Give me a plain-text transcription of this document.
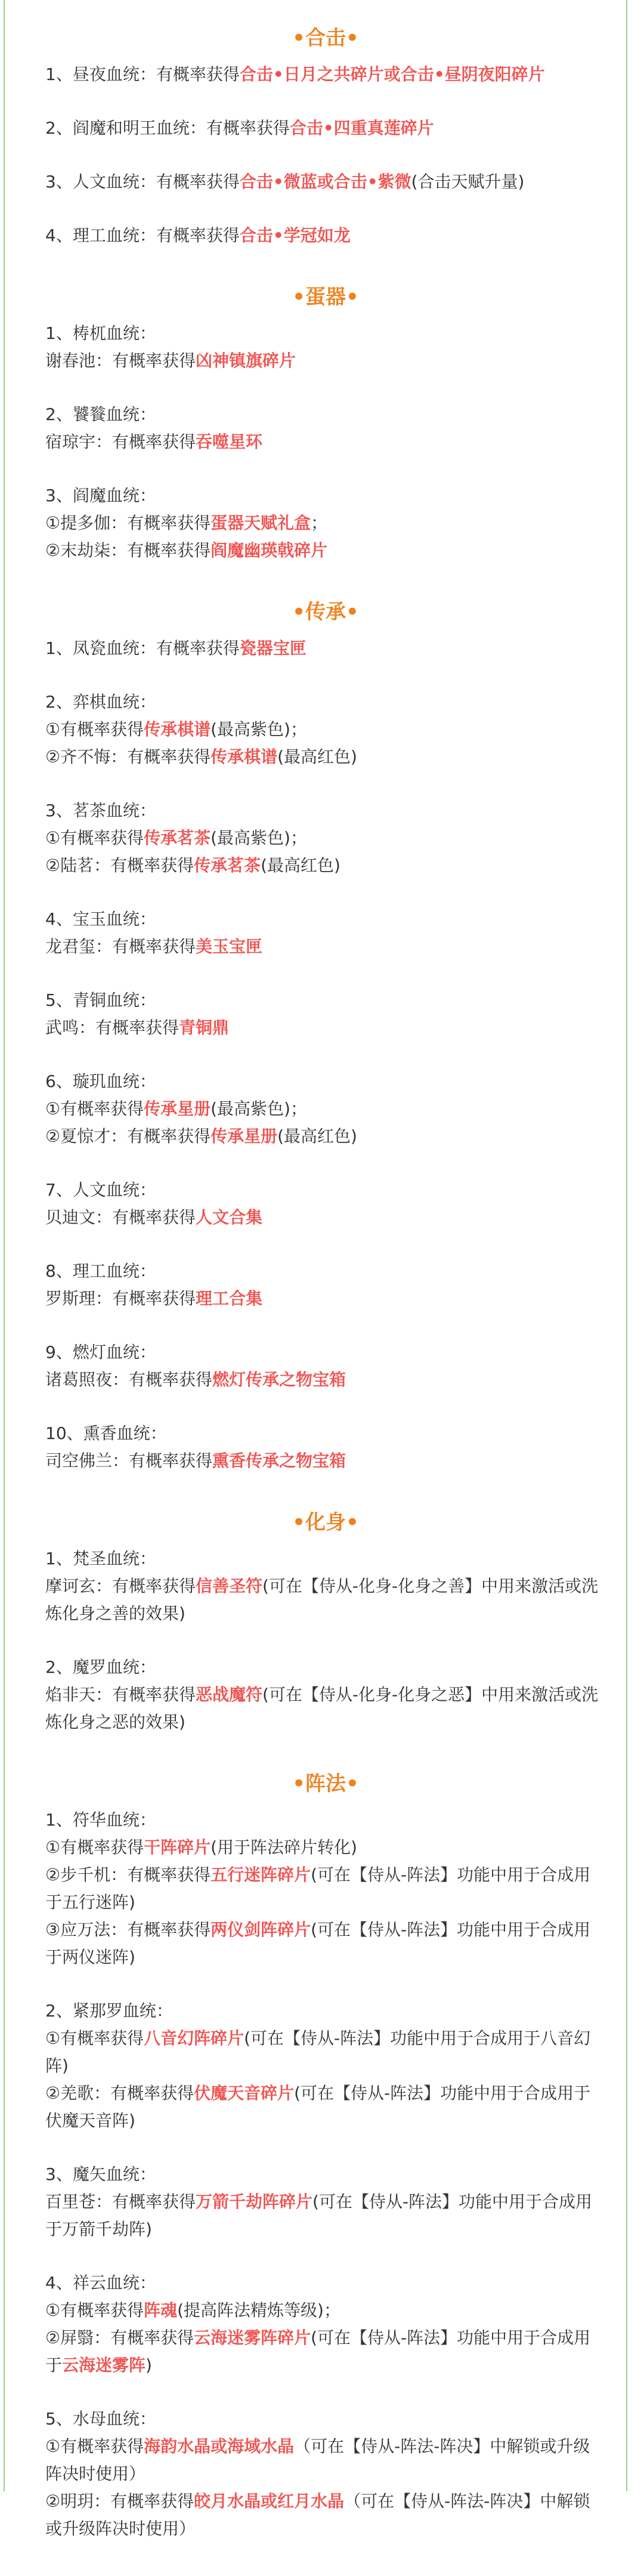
•合击•

1、昼夜血统：有概率获得合击•日月之共碎片或合击•昼阴夜阳碎片

2、阎魔和明王血统：有概率获得合击•四重真莲碎片

3、人文血统：有概率获得合击•微蓝或合击•紫微(合击天赋升量)

4、理工血统：有概率获得合击•学冠如龙

•蛋器•

1、梼杌血统：

谢春池：有概率获得凶神镇旗碎片

2、饕餮血统：

宿琼宇：有概率获得吞噬星环

3、阎魔血统：

①提多伽：有概率获得蛋器天赋礼盒；

②末劫柒：有概率获得阎魔幽瑛戟碎片

•传承•

1、凤瓷血统：有概率获得瓷器宝匣

2、弈棋血统：

①有概率获得传承棋谱(最高紫色)；

②齐不悔：有概率获得传承棋谱(最高红色)

3、茗茶血统：

①有概率获得传承茗茶(最高紫色)；

②陆茗：有概率获得传承茗茶(最高红色)

4、宝玉血统：

龙君玺：有概率获得美玉宝匣

5、青铜血统：

武鸣：有概率获得青铜鼎

6、璇玑血统：

①有概率获得传承星册(最高紫色)；

②夏惊才：有概率获得传承星册(最高红色)

7、人文血统：

贝迪文：有概率获得人文合集

8、理工血统：

罗斯理：有概率获得理工合集

9、燃灯血统：

诸葛照夜：有概率获得燃灯传承之物宝箱

10、熏香血统：

司空佛兰：有概率获得熏香传承之物宝箱

•化身•

1、梵圣血统：

摩诃玄：有概率获得信善圣符(可在【侍从-化身-化身之善】中用来激活或洗炼化身之善的效果)

2、魔罗血统：

焰非天：有概率获得恶战魔符(可在【侍从-化身-化身之恶】中用来激活或洗炼化身之恶的效果)

•阵法•

1、符华血统：

①有概率获得干阵碎片(用于阵法碎片转化)

②步千机：有概率获得五行迷阵碎片(可在【侍从-阵法】功能中用于合成用于五行迷阵)

③应万法：有概率获得两仪剑阵碎片(可在【侍从-阵法】功能中用于合成用于两仪迷阵)

2、紧那罗血统：

①有概率获得八音幻阵碎片(可在【侍从-阵法】功能中用于合成用于八音幻阵)

②羌歌：有概率获得伏魔天音碎片(可在【侍从-阵法】功能中用于合成用于伏魔天音阵)

3、魔矢血统：

百里苍：有概率获得万箭千劫阵碎片(可在【侍从-阵法】功能中用于合成用于万箭千劫阵)

4、祥云血统：

①有概率获得阵魂(提高阵法精炼等级)；

②屏翳：有概率获得云海迷雾阵碎片(可在【侍从-阵法】功能中用于合成用于云海迷雾阵)

5、水母血统：

①有概率获得海韵水晶或海域水晶（可在【侍从-阵法-阵决】中解锁或升级阵决时使用）

②明玥：有概率获得皎月水晶或红月水晶（可在【侍从-阵法-阵决】中解锁或升级阵决时使用）
